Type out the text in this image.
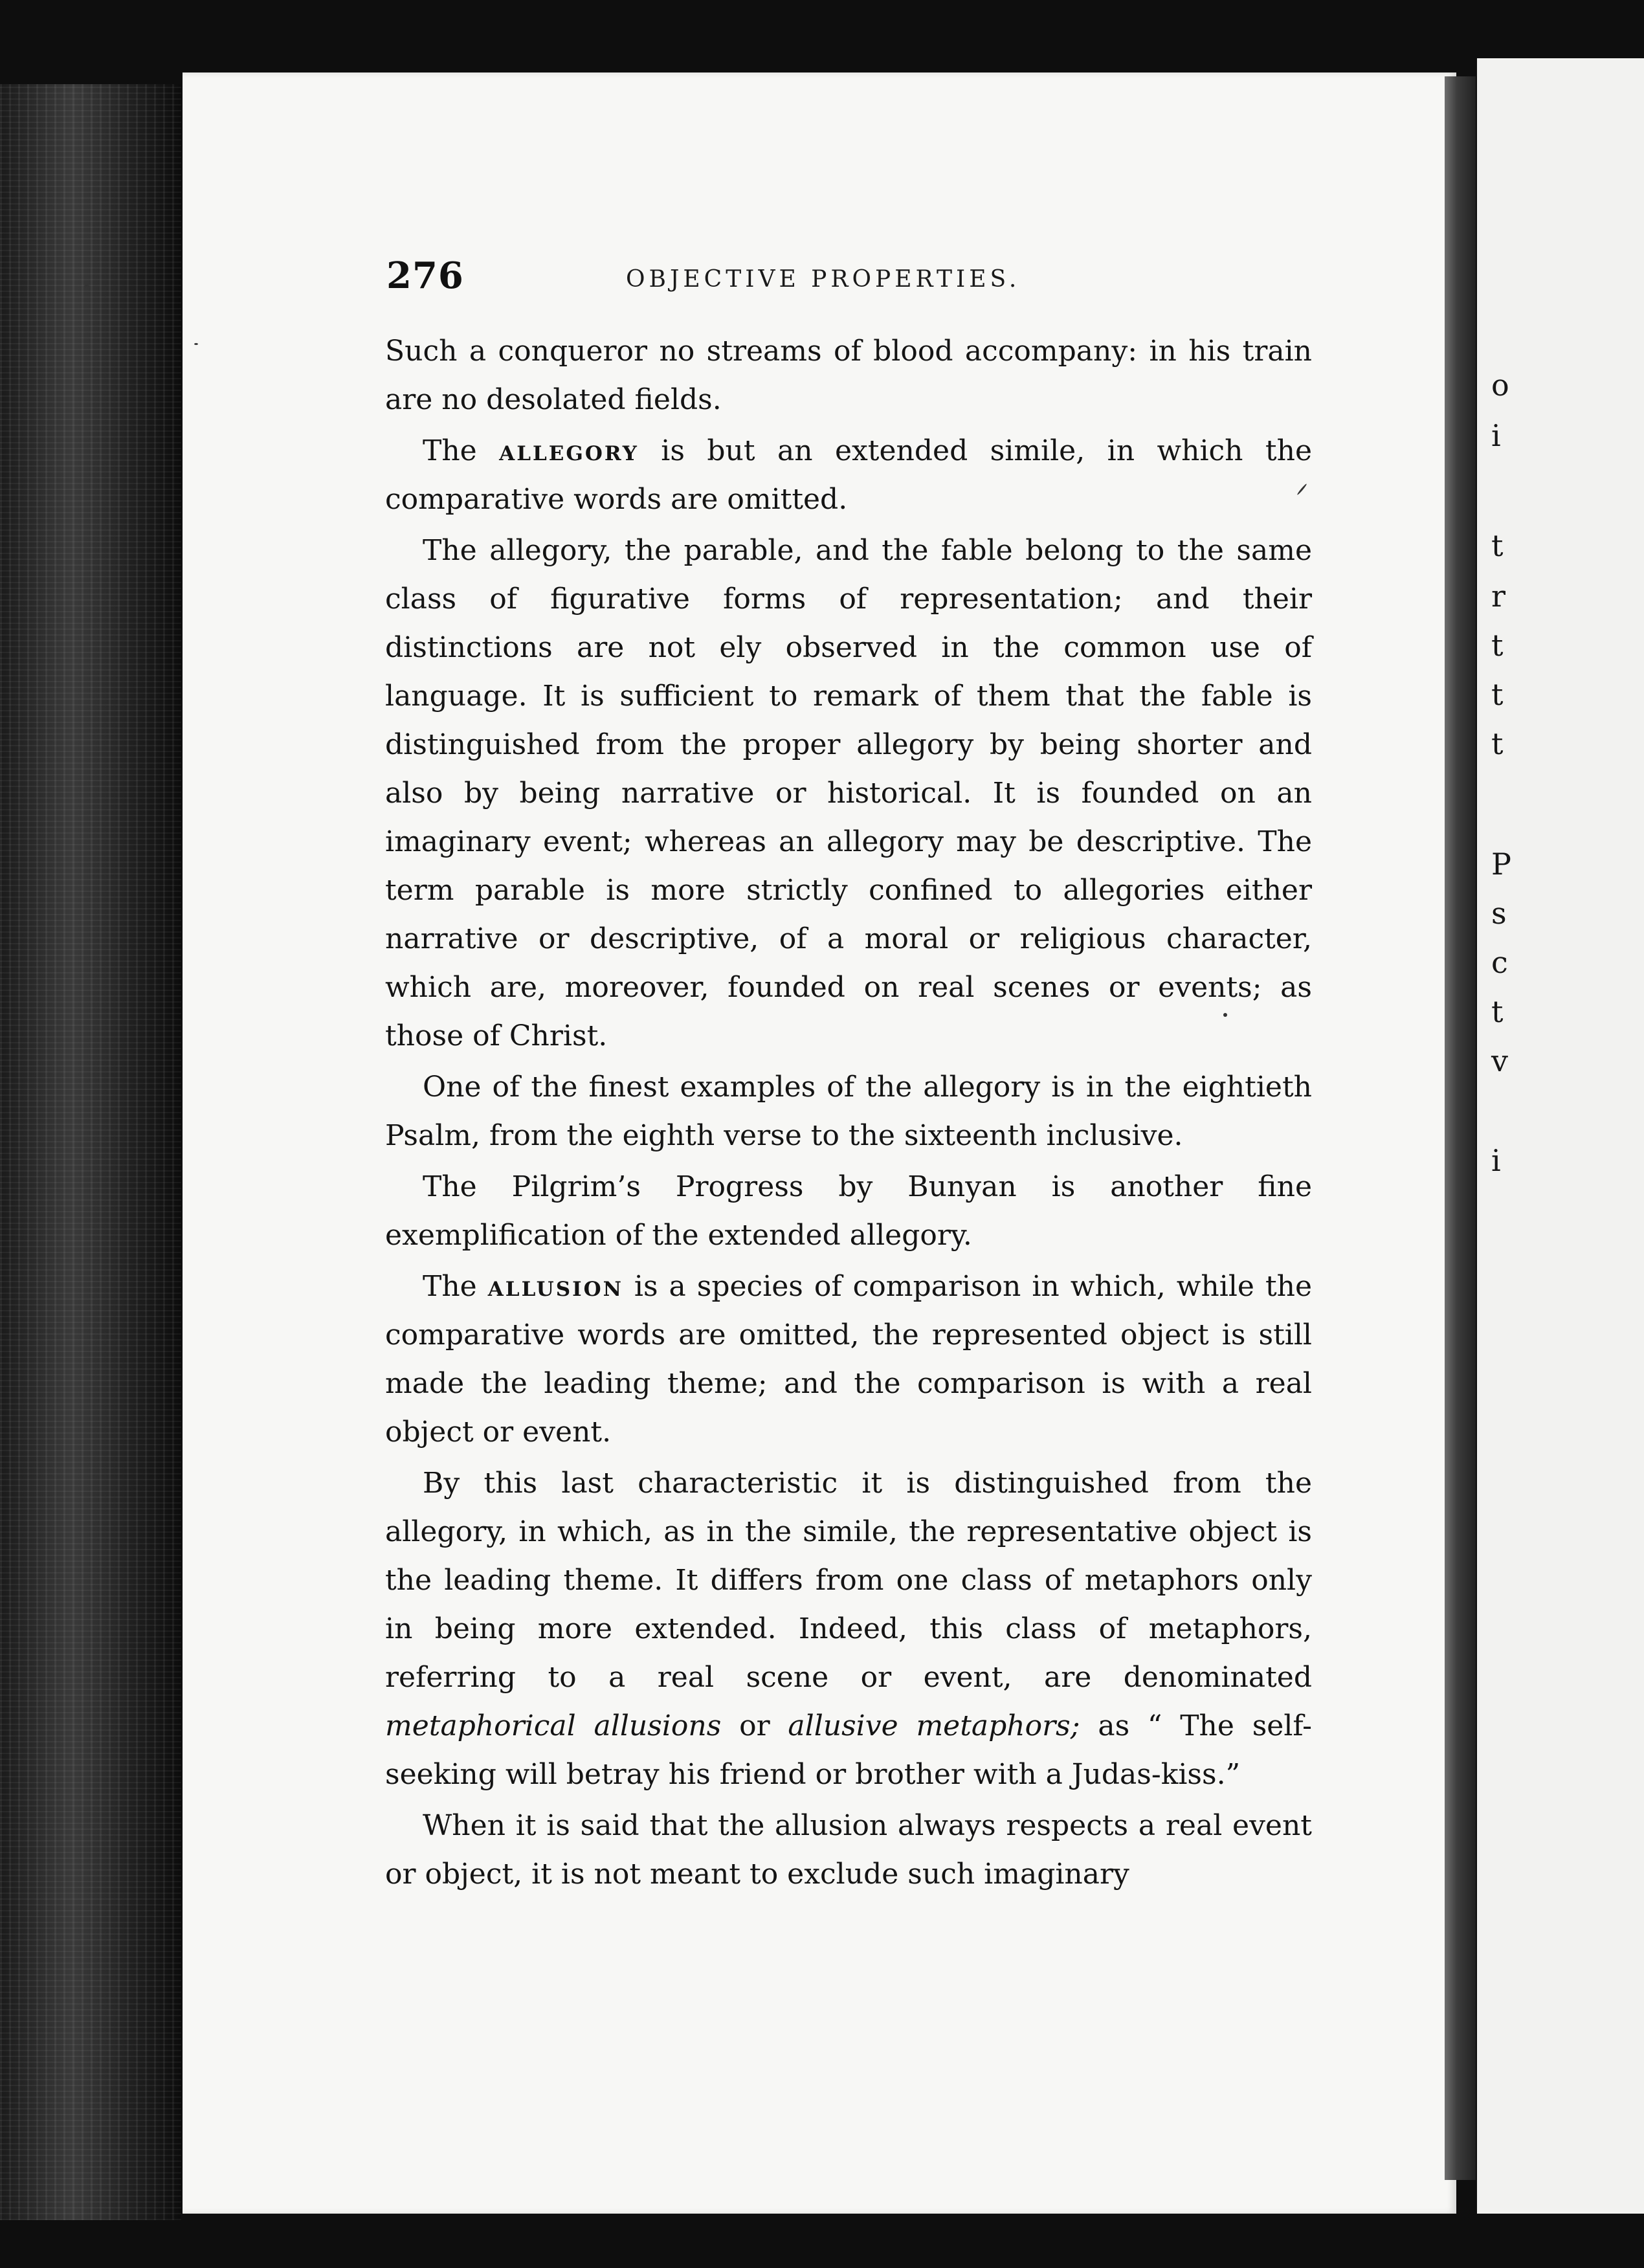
o
i
t
r
t
t
t
P
s
c
t
v
i
276	OBJECTIVE PROPERTIES.

Such a conqueror no streams of blood accompany: in his train are no desolated fields.

The allegory is but an extended simile, in which the comparative words are omitted.

The allegory, the parable, and the fable belong to the same class of figurative forms of representation; and their distinctions are not ely observed in the common use of language. It is sufficient to remark of them that the fable is distinguished from the proper allegory by being shorter and also by being narrative or historical. It is founded on an imaginary event; whereas an allegory may be descriptive. The term parable is more strictly confined to allegories either narrative or descriptive, of a moral or religious character, which are, moreover, founded on real scenes or events; as those of Christ.

One of the finest examples of the allegory is in the eightieth Psalm, from the eighth verse to the sixteenth inclusive.

The Pilgrim’s Progress by Bunyan is another fine exemplification of the extended allegory.

The allusion is a species of comparison in which, while the comparative words are omitted, the represented object is still made the leading theme; and the comparison is with a real object or event.

By this last characteristic it is distinguished from the allegory, in which, as in the simile, the representative object is the leading theme. It differs from one class of metaphors only in being more extended. Indeed, this class of metaphors, referring to a real scene or event, are denominated metaphorical allusions or allusive metaphors; as “ The self-seeking will betray his friend or brother with a Judas-kiss.”

When it is said that the allusion always respects a real event or object, it is not meant to exclude such imaginary
